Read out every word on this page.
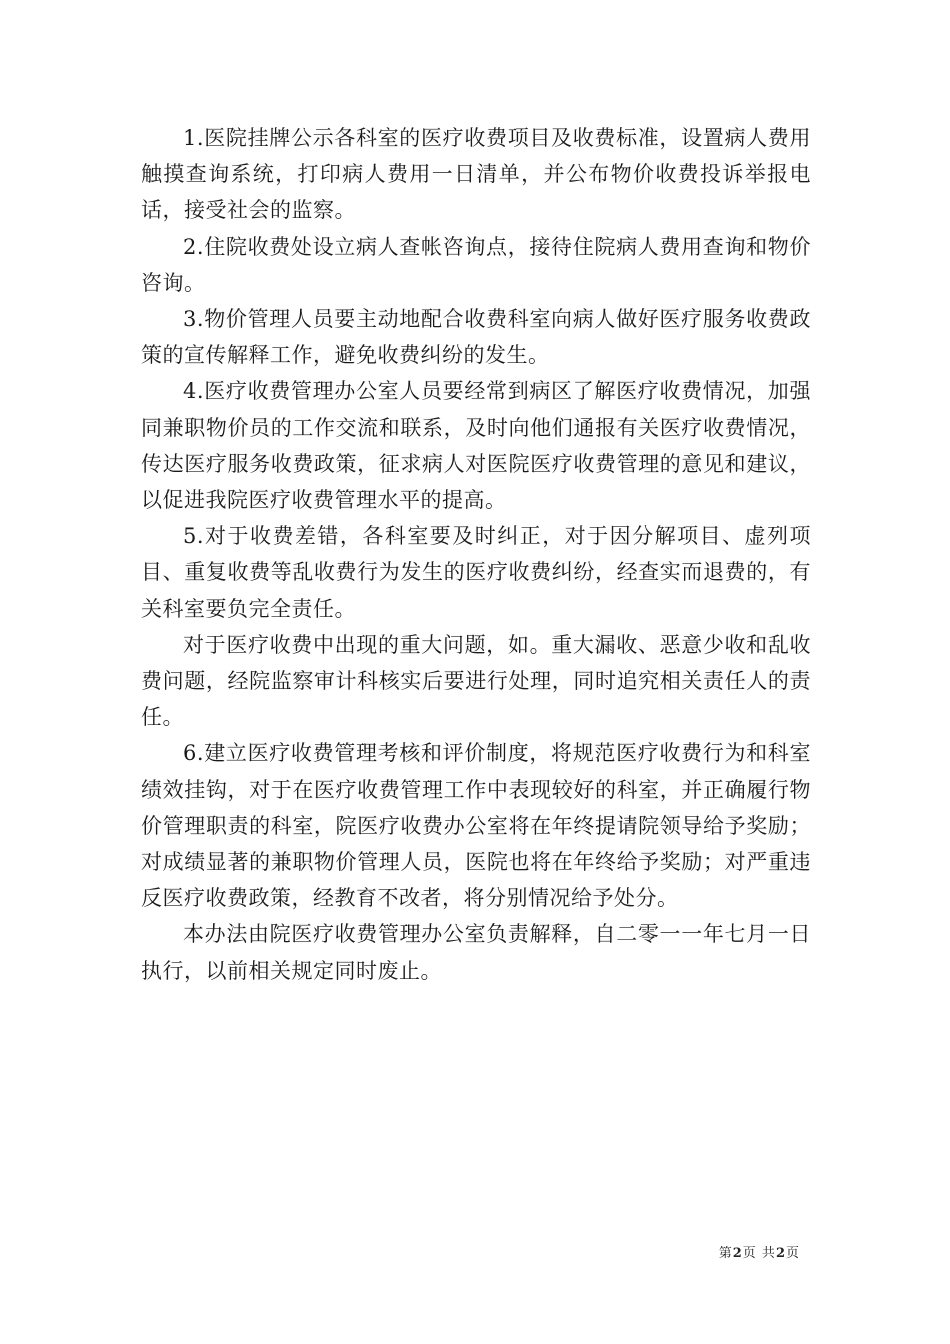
1.医院挂牌公示各科室的医疗收费项目及收费标准，设置病人费用触摸查询系统，打印病人费用一日清单，并公布物价收费投诉举报电话，接受社会的监察。

2.住院收费处设立病人查帐咨询点，接待住院病人费用查询和物价咨询。

3.物价管理人员要主动地配合收费科室向病人做好医疗服务收费政策的宣传解释工作，避免收费纠纷的发生。

4.医疗收费管理办公室人员要经常到病区了解医疗收费情况，加强同兼职物价员的工作交流和联系，及时向他们通报有关医疗收费情况，传达医疗服务收费政策，征求病人对医院医疗收费管理的意见和建议，以促进我院医疗收费管理水平的提高。

5.对于收费差错，各科室要及时纠正，对于因分解项目、虚列项目、重复收费等乱收费行为发生的医疗收费纠纷，经查实而退费的，有关科室要负完全责任。

对于医疗收费中出现的重大问题，如。重大漏收、恶意少收和乱收费问题，经院监察审计科核实后要进行处理，同时追究相关责任人的责任。

6.建立医疗收费管理考核和评价制度，将规范医疗收费行为和科室绩效挂钩，对于在医疗收费管理工作中表现较好的科室，并正确履行物价管理职责的科室，院医疗收费办公室将在年终提请院领导给予奖励；对成绩显著的兼职物价管理人员，医院也将在年终给予奖励；对严重违反医疗收费政策，经教育不改者，将分别情况给予处分。

本办法由院医疗收费管理办公室负责解释，自二零一一年七月一日执行，以前相关规定同时废止。

第2页 共2页
